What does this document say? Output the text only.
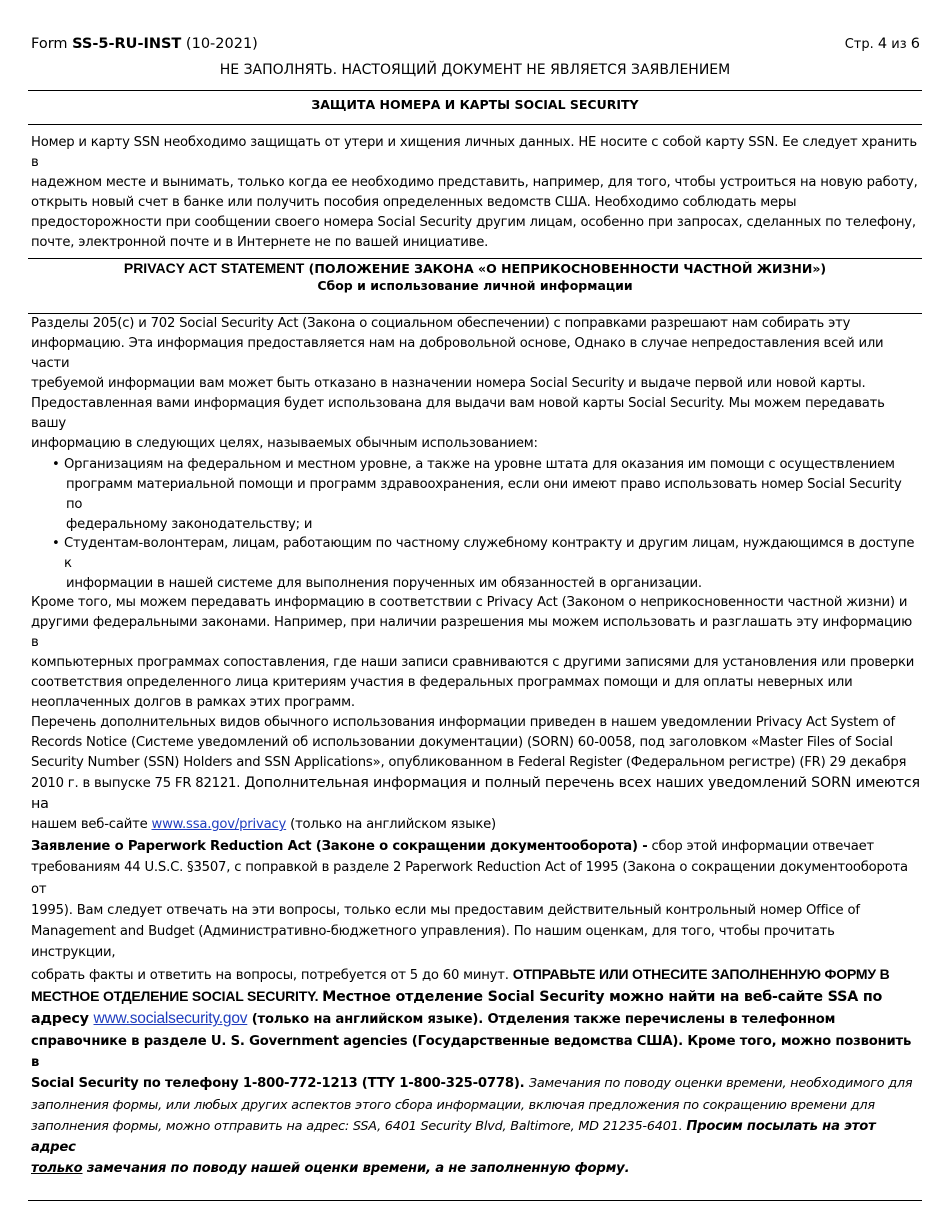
Form SS-5-RU-INST (10-2021)	Стр. 4 из 6
НЕ ЗАПОЛНЯТЬ. НАСТОЯЩИЙ ДОКУМЕНТ НЕ ЯВЛЯЕТСЯ ЗАЯВЛЕНИЕМ
ЗАЩИТА НОМЕРА И КАРТЫ SOCIAL SECURITY
Номер и карту SSN необходимо защищать от утери и хищения личных данных. НЕ носите с собой карту SSN. Ее следует хранить в
надежном месте и вынимать, только когда ее необходимо представить, например, для того, чтобы устроиться на новую работу,
открыть новый счет в банке или получить пособия определенных ведомств США. Необходимо соблюдать меры
предосторожности при сообщении своего номера Social Security другим лицам, особенно при запросах, сделанных по телефону,
почте, электронной почте и в Интернете не по вашей инициативе.
PRIVACY ACT STATEMENT (ПОЛОЖЕНИЕ ЗАКОНА «О НЕПРИКОСНОВЕННОСТИ ЧАСТНОЙ ЖИЗНИ»)
Сбор и использование личной информации
Разделы 205(c) и 702 Social Security Act (Закона о социальном обеспечении) с поправками разрешают нам собирать эту
информацию. Эта информация предоставляется нам на добровольной основе, Однако в случае непредоставления всей или части
требуемой информации вам может быть отказано в назначении номера Social Security и выдаче первой или новой карты.
Предоставленная вами информация будет использована для выдачи вам новой карты Social Security. Мы можем передавать вашу
информацию в следующих целях, называемых обычным использованием:
• Организациям на федеральном и местном уровне, а также на уровне штата для оказания им помощи с осуществлением
программ материальной помощи и программ здравоохранения, если они имеют право использовать номер Social Security по
федеральному законодательству; и
• Студентам-волонтерам, лицам, работающим по частному служебному контракту и другим лицам, нуждающимся в доступе к
информации в нашей системе для выполнения порученных им обязанностей в организации.
Кроме того, мы можем передавать информацию в соответствии с Privacy Act (Законом о неприкосновенности частной жизни) и
другими федеральными законами. Например, при наличии разрешения мы можем использовать и разглашать эту информацию в
компьютерных программах сопоставления, где наши записи сравниваются с другими записями для установления или проверки
соответствия определенного лица критериям участия в федеральных программах помощи и для оплаты неверных или
неоплаченных долгов в рамках этих программ.
Перечень дополнительных видов обычного использования информации приведен в нашем уведомлении Privacy Act System of
Records Notice (Системе уведомлений об использовании документации) (SORN) 60-0058, под заголовком «Master Files of Social
Security Number (SSN) Holders and SSN Applications», опубликованном в Federal Register (Федеральном регистре) (FR) 29 декабря
2010 г. в выпуске 75 FR 82121. Дополнительная информация и полный перечень всех наших уведомлений SORN имеются на
нашем веб-сайте www.ssa.gov/privacy (только на английском языке)
Заявление о Paperwork Reduction Act (Законе о сокращении документооборота) - сбор этой информации отвечает
требованиям 44 U.S.C. §3507, с поправкой в разделе 2 Paperwork Reduction Act of 1995 (Закона о сокращении документооборота от
1995). Вам следует отвечать на эти вопросы, только если мы предоставим действительный контрольный номер Office of
Management and Budget (Административно-бюджетного управления). По нашим оценкам, для того, чтобы прочитать инструкции,
собрать факты и ответить на вопросы, потребуется от 5 до 60 минут. ОТПРАВЬТЕ ИЛИ ОТНЕСИТЕ ЗАПОЛНЕННУЮ ФОРМУ В
МЕСТНОЕ ОТДЕЛЕНИЕ SOCIAL SECURITY. Местное отделение Social Security можно найти на веб-сайте SSA по
адресу www.socialsecurity.gov (только на английском языке). Отделения также перечислены в телефонном
справочнике в разделе U. S. Government agencies (Государственные ведомства США). Кроме того, можно позвонить в
Social Security по телефону 1-800-772-1213 (TTY 1-800-325-0778). Замечания по поводу оценки времени, необходимого для
заполнения формы, или любых других аспектов этого сбора информации, включая предложения по сокращению времени для
заполнения формы, можно отправить на адрес: SSA, 6401 Security Blvd, Baltimore, MD 21235-6401. Просим посылать на этот адрес
только замечания по поводу нашей оценки времени, а не заполненную форму.
